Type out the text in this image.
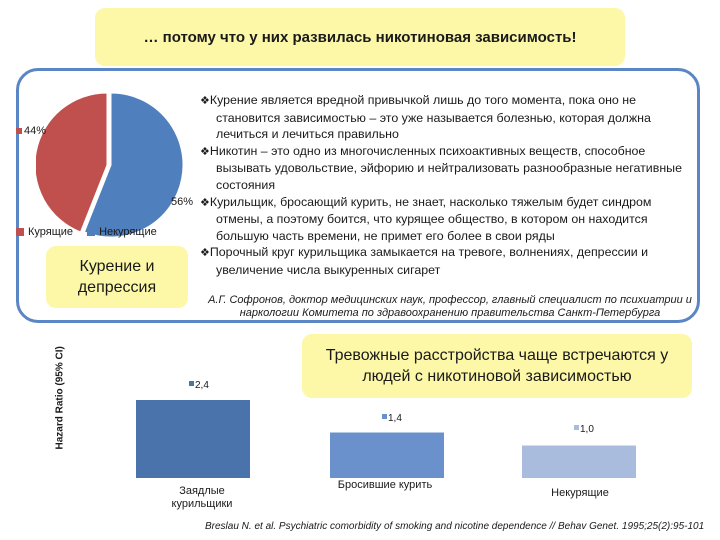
… потому что у них развилась никотиновая зависимость!
44%
56%
Курящие Некурящие
Курение и депрессия

❖Курение является вредной привычкой лишь до того момента, пока оно не становится зависимостью – это уже называется болезнью, которая должна лечиться и лечиться правильно

❖Никотин – это одно из многочисленных психоактивных веществ, способное вызывать удовольствие, эйфорию и нейтрализовать разнообразные негативные состояния

❖Курильщик, бросающий курить, не знает, насколько тяжелым будет синдром отмены, а поэтому боится, что курящее общество, в котором он находится большую часть времени, не примет его более в свои ряды

❖Порочный круг курильщика замыкается на тревоге, волнениях, депрессии и увеличение числа выкуренных сигарет

А.Г. Софронов, доктор медицинских наук, профессор, главный специалист по психиатрии и наркологии Комитета по здравоохранению правительства Санкт-Петербурга
Тревожные расстройства чаще встречаются у людей с никотиновой зависимостью
Hazard Ratio (95% CI)	2,4
1,4
1,0
Заядлые курильщики
Бросившие курить
Некурящие
Breslau N. et al. Psychiatric comorbidity of smoking and nicotine dependence // Behav Genet. 1995;25(2):95-101
